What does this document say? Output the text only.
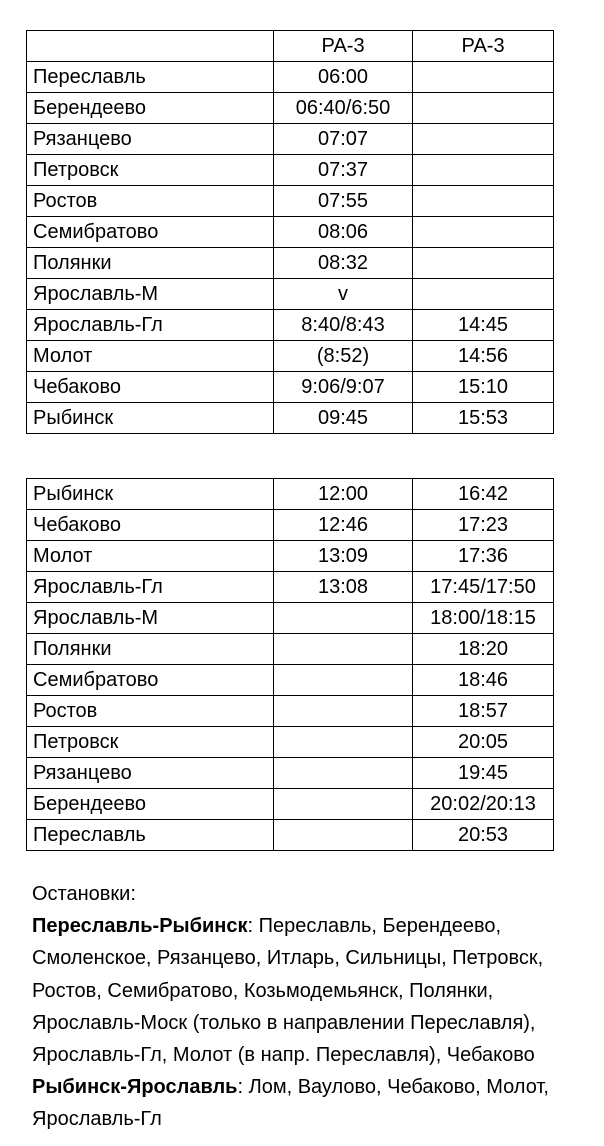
	РА-3	РА-3
Переславль	06:00	
Берендеево	06:40/6:50	
Рязанцево	07:07	
Петровск	07:37	
Ростов	07:55	
Семибратово	08:06	
Полянки	08:32	
Ярославль-М	v	
Ярославль-Гл	8:40/8:43	14:45
Молот	(8:52)	14:56
Чебаково	9:06/9:07	15:10
Рыбинск	09:45	15:53
Рыбинск	12:00	16:42
Чебаково	12:46	17:23
Молот	13:09	17:36
Ярославль-Гл	13:08	17:45/17:50
Ярославль-М		18:00/18:15
Полянки		18:20
Семибратово		18:46
Ростов		18:57
Петровск		20:05
Рязанцево		19:45
Берендеево		20:02/20:13
Переславль		20:53
Остановки:
Переславль-Рыбинск: Переславль, Берендеево, Смоленское, Рязанцево, Итларь, Сильницы, Петровск, Ростов, Семибратово, Козьмодемьянск, Полянки, Ярославль-Моск (только в направлении Переславля), Ярославль-Гл, Молот (в напр. Переславля), Чебаково
Рыбинск-Ярославль: Лом, Ваулово, Чебаково, Молот, Ярославль-Гл
